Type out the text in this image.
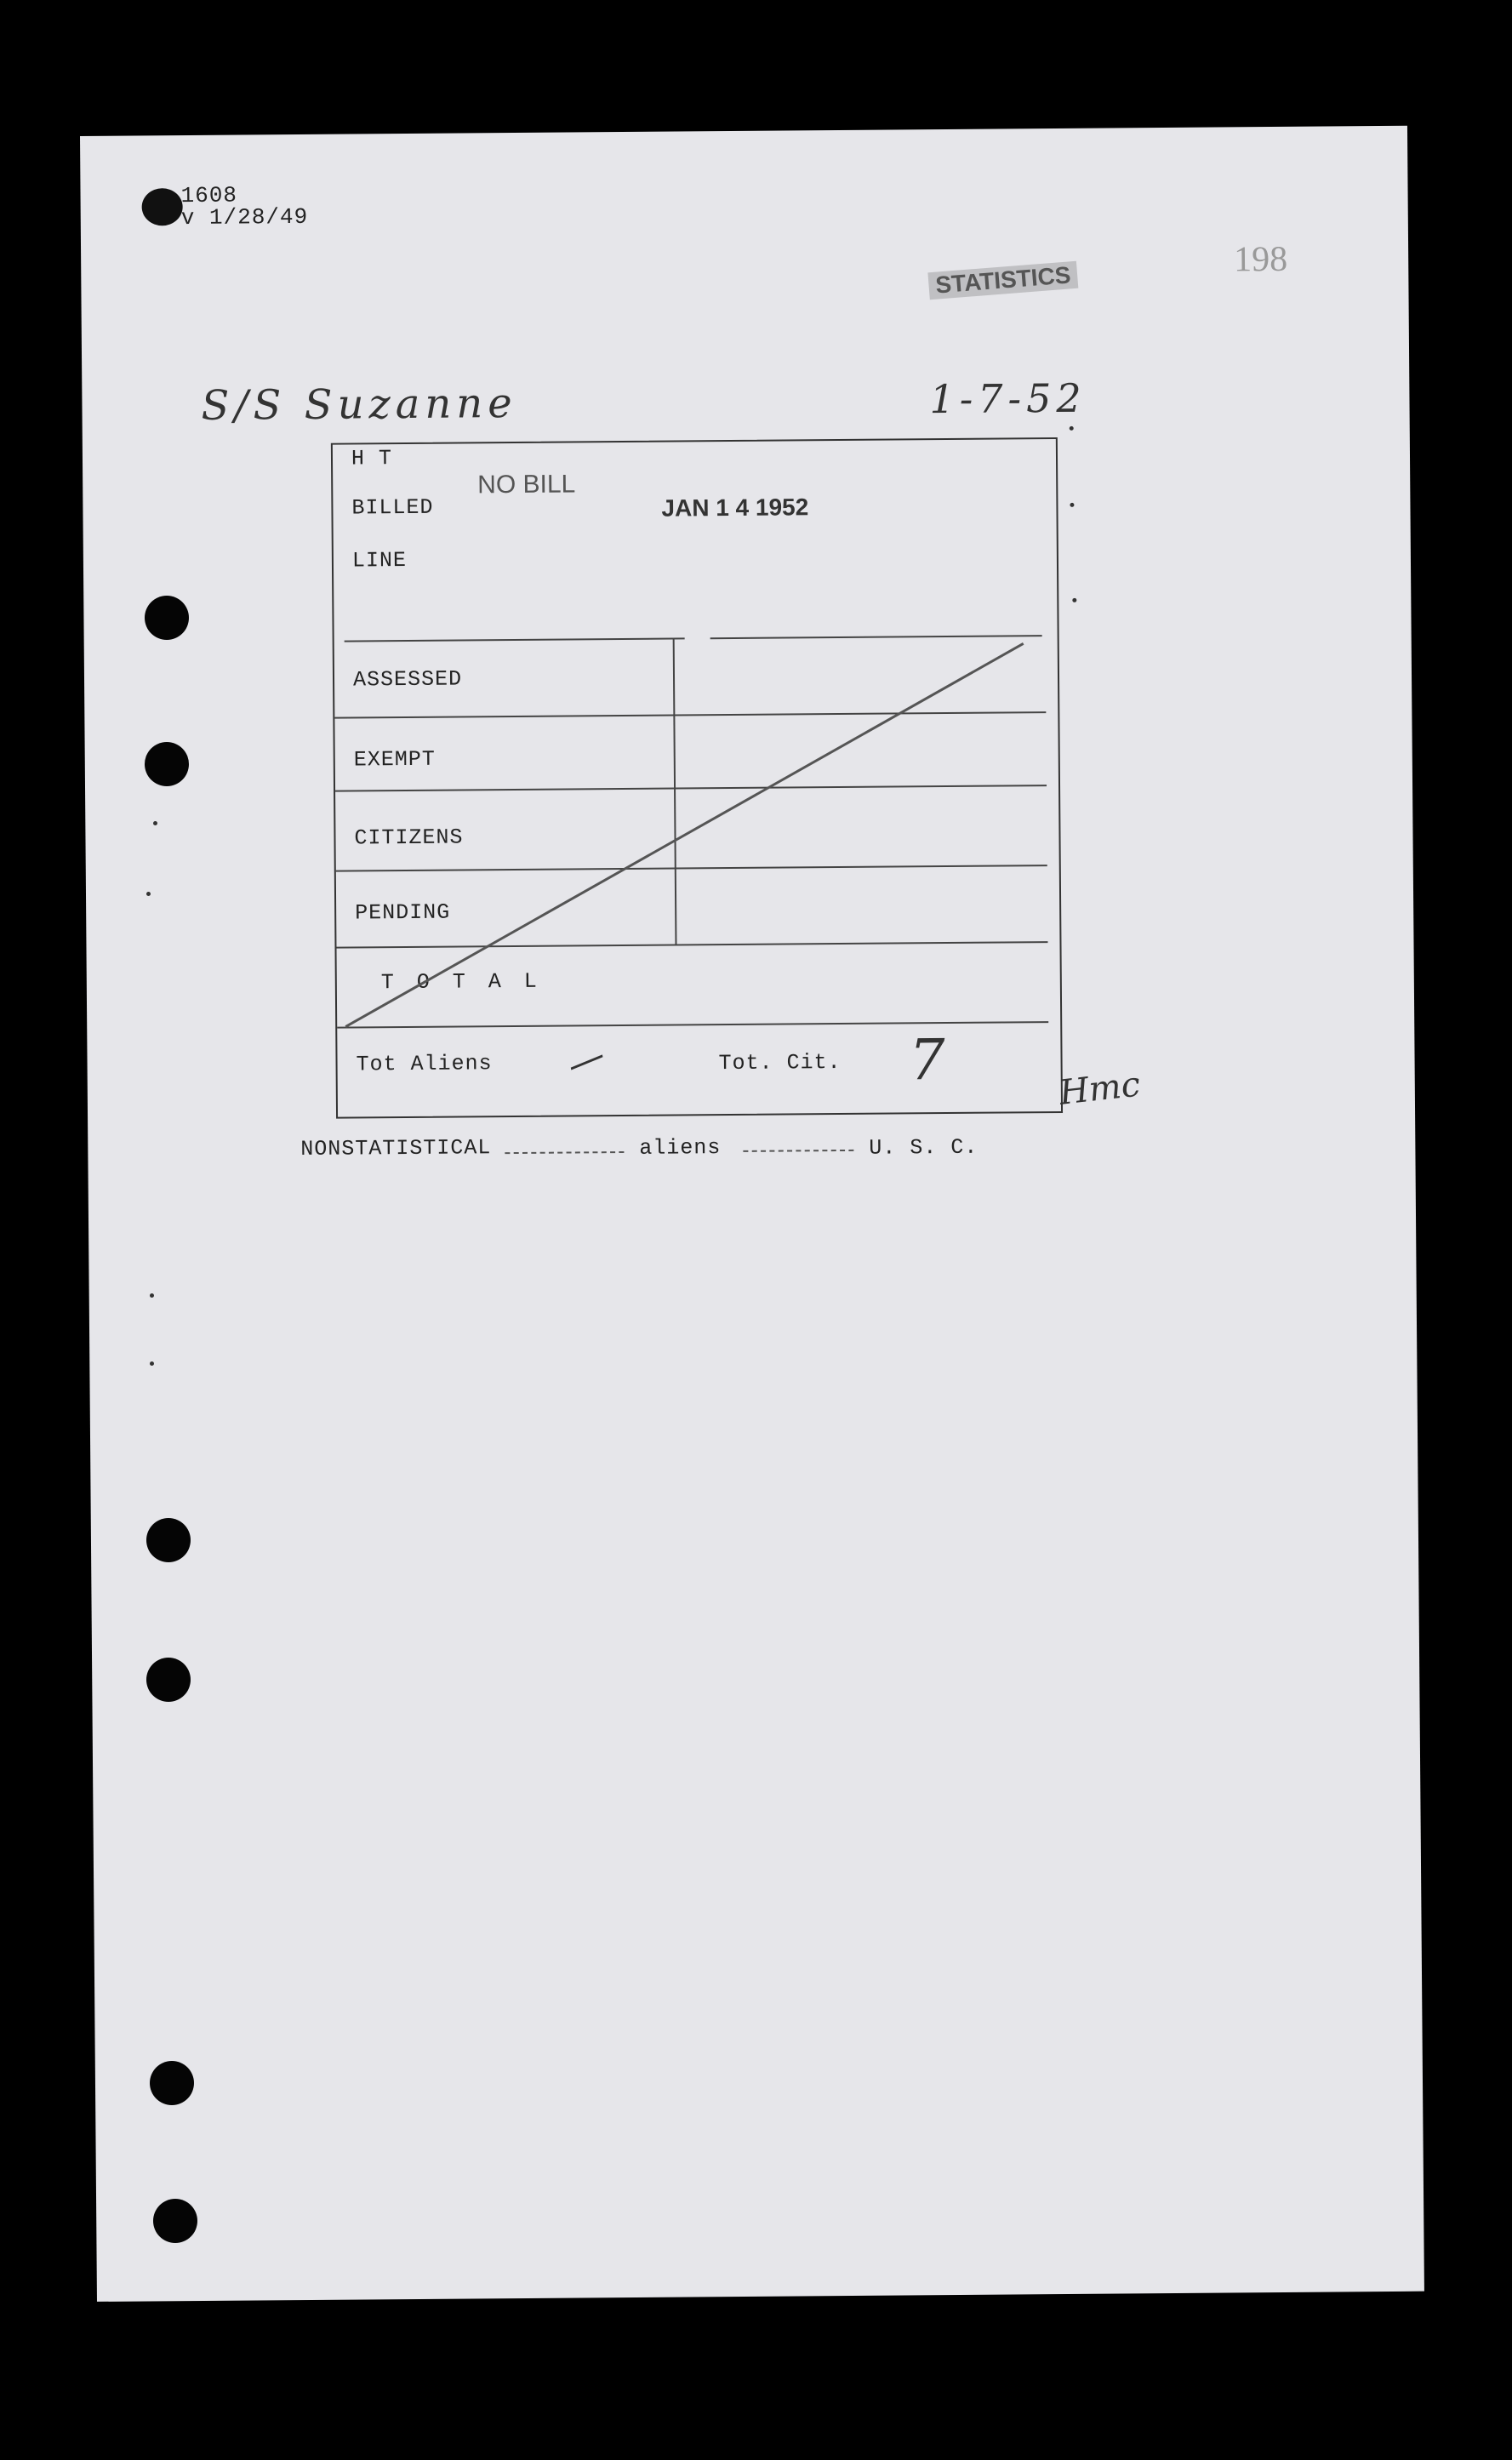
1608
v 1/28/49
STATISTICS
198
S/S Suzanne	1-7-52
H T
BILLED
LINE
NO BILL
JAN 1 4 1952
ASSESSED
EXEMPT
CITIZENS
PENDING
T O T A L
Tot Aliens —	Tot. Cit. 7	Hmc
NONSTATISTICAL	aliens	U. S. C.
